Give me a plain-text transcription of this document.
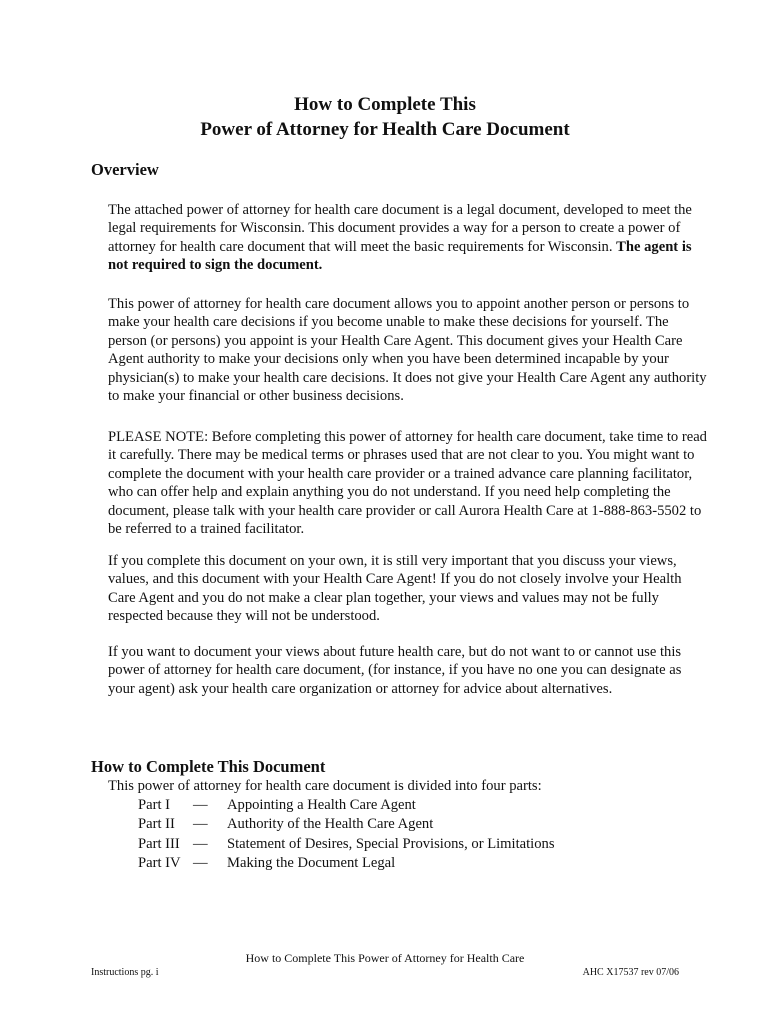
How to Complete This
Power of Attorney for Health Care Document
Overview

The attached power of attorney for health care document is a legal document, developed to meet the legal requirements for Wisconsin. This document provides a way for a person to create a power of attorney for health care document that will meet the basic requirements for Wisconsin. The agent is not required to sign the document.

This power of attorney for health care document allows you to appoint another person or persons to make your health care decisions if you become unable to make these decisions for yourself. The person (or persons) you appoint is your Health Care Agent. This document gives your Health Care Agent authority to make your decisions only when you have been determined incapable by your physician(s) to make your health care decisions. It does not give your Health Care Agent any authority to make your financial or other business decisions.

PLEASE NOTE: Before completing this power of attorney for health care document, take time to read it carefully. There may be medical terms or phrases used that are not clear to you. You might want to complete the document with your health care provider or a trained advance care planning facilitator, who can offer help and explain anything you do not understand. If you need help completing the document, please talk with your health care provider or call Aurora Health Care at 1-888-863-5502 to be referred to a trained facilitator.

If you complete this document on your own, it is still very important that you discuss your views, values, and this document with your Health Care Agent! If you do not closely involve your Health Care Agent and you do not make a clear plan together, your views and values may not be fully respected because they will not be understood.

If you want to document your views about future health care, but do not want to or cannot use this power of attorney for health care document, (for instance, if you have no one you can designate as your agent) ask your health care organization or attorney for advice about alternatives.

How to Complete This Document
This power of attorney for health care document is divided into four parts:
Part I	—	Appointing a Health Care Agent
Part II	—	Authority of the Health Care Agent
Part III —	Statement of Desires, Special Provisions, or Limitations
Part IV —	Making the Document Legal
How to Complete This Power of Attorney for Health Care
Instructions pg. i	AHC X17537 rev 07/06
